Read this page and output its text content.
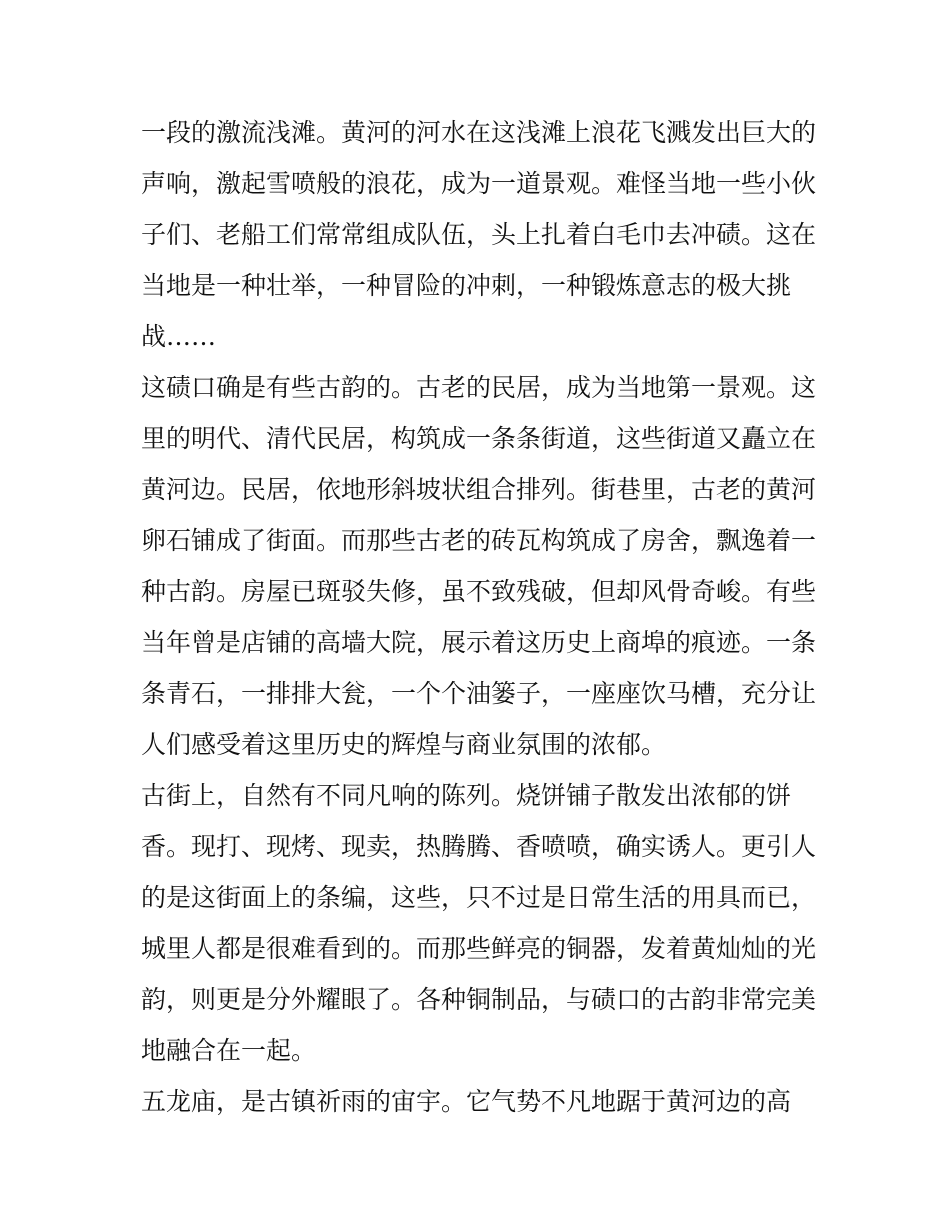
一段的激流浅滩。黄河的河水在这浅滩上浪花飞溅发出巨大的
声响，激起雪喷般的浪花，成为一道景观。难怪当地一些小伙
子们、老船工们常常组成队伍，头上扎着白毛巾去冲碛。这在
当地是一种壮举，一种冒险的冲刺，一种锻炼意志的极大挑
战……
这碛口确是有些古韵的。古老的民居，成为当地第一景观。这
里的明代、清代民居，构筑成一条条街道，这些街道又矗立在
黄河边。民居，依地形斜坡状组合排列。街巷里，古老的黄河
卵石铺成了街面。而那些古老的砖瓦构筑成了房舍，飘逸着一
种古韵。房屋已斑驳失修，虽不致残破，但却风骨奇峻。有些
当年曾是店铺的高墙大院，展示着这历史上商埠的痕迹。一条
条青石，一排排大瓮，一个个油篓子，一座座饮马槽，充分让
人们感受着这里历史的辉煌与商业氛围的浓郁。
古街上，自然有不同凡响的陈列。烧饼铺子散发出浓郁的饼
香。现打、现烤、现卖，热腾腾、香喷喷，确实诱人。更引人
的是这街面上的条编，这些，只不过是日常生活的用具而已，
城里人都是很难看到的。而那些鲜亮的铜器，发着黄灿灿的光
韵，则更是分外耀眼了。各种铜制品，与碛口的古韵非常完美
地融合在一起。
五龙庙，是古镇祈雨的宙宇。它气势不凡地踞于黄河边的高
